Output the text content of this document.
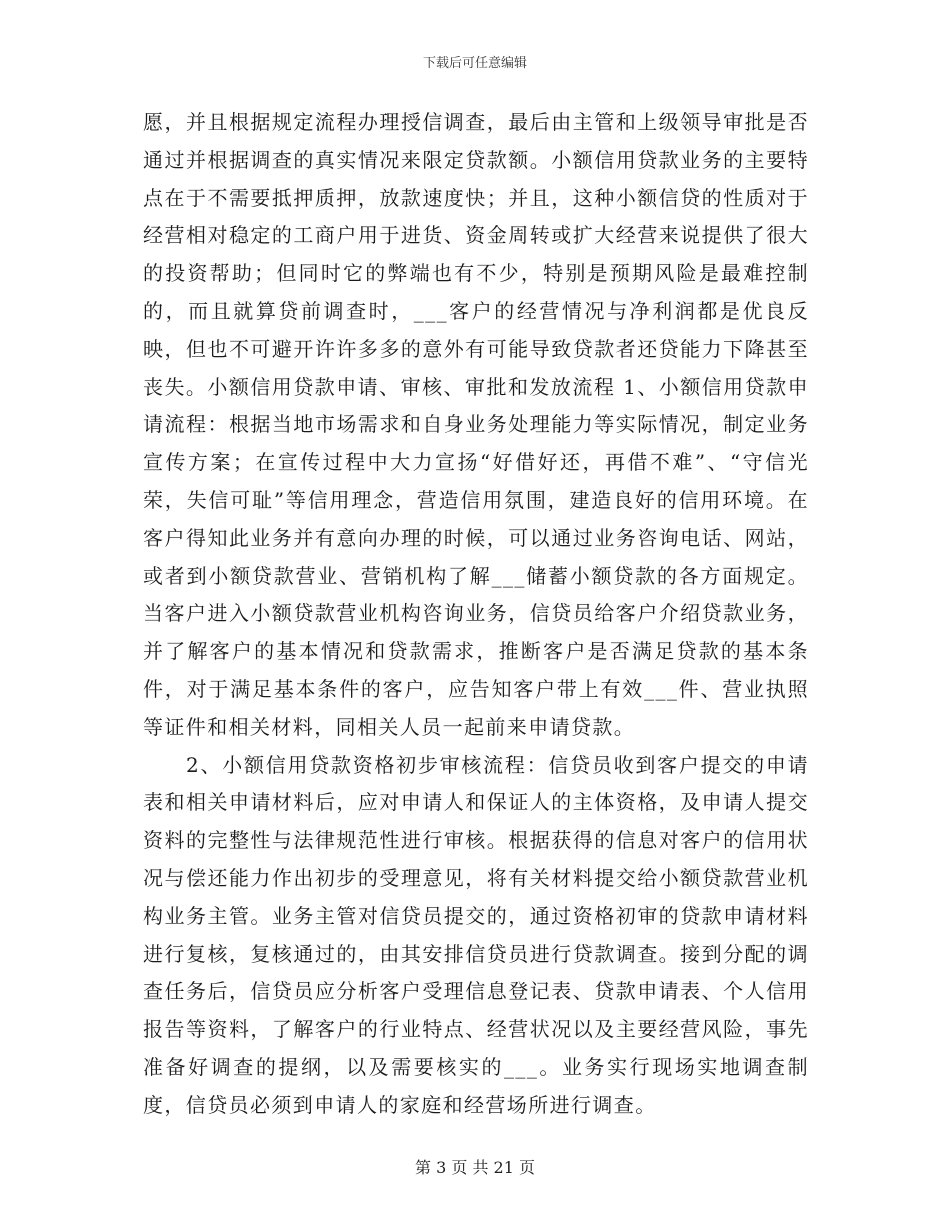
下载后可任意编辑

愿，并且根据规定流程办理授信调查，最后由主管和上级领导审批是否通过并根据调查的真实情况来限定贷款额。小额信用贷款业务的主要特点在于不需要抵押质押，放款速度快；并且，这种小额信贷的性质对于经营相对稳定的工商户用于进货、资金周转或扩大经营来说提供了很大的投资帮助；但同时它的弊端也有不少，特别是预期风险是最难控制的，而且就算贷前调查时，___客户的经营情况与净利润都是优良反映，但也不可避开许许多多的意外有可能导致贷款者还贷能力下降甚至丧失。小额信用贷款申请、审核、审批和发放流程 1、小额信用贷款申请流程：根据当地市场需求和自身业务处理能力等实际情况，制定业务宣传方案；在宣传过程中大力宣扬“好借好还，再借不难”、“守信光荣，失信可耻”等信用理念，营造信用氛围，建造良好的信用环境。在客户得知此业务并有意向办理的时候，可以通过业务咨询电话、网站，或者到小额贷款营业、营销机构了解___储蓄小额贷款的各方面规定。当客户进入小额贷款营业机构咨询业务，信贷员给客户介绍贷款业务，并了解客户的基本情况和贷款需求，推断客户是否满足贷款的基本条件，对于满足基本条件的客户，应告知客户带上有效___件、营业执照等证件和相关材料，同相关人员一起前来申请贷款。

2、小额信用贷款资格初步审核流程：信贷员收到客户提交的申请表和相关申请材料后，应对申请人和保证人的主体资格，及申请人提交资料的完整性与法律规范性进行审核。根据获得的信息对客户的信用状况与偿还能力作出初步的受理意见，将有关材料提交给小额贷款营业机构业务主管。业务主管对信贷员提交的，通过资格初审的贷款申请材料进行复核，复核通过的，由其安排信贷员进行贷款调查。接到分配的调查任务后，信贷员应分析客户受理信息登记表、贷款申请表、个人信用报告等资料，了解客户的行业特点、经营状况以及主要经营风险，事先准备好调查的提纲，以及需要核实的___。业务实行现场实地调查制度，信贷员必须到申请人的家庭和经营场所进行调查。

第 3 页 共 21 页
